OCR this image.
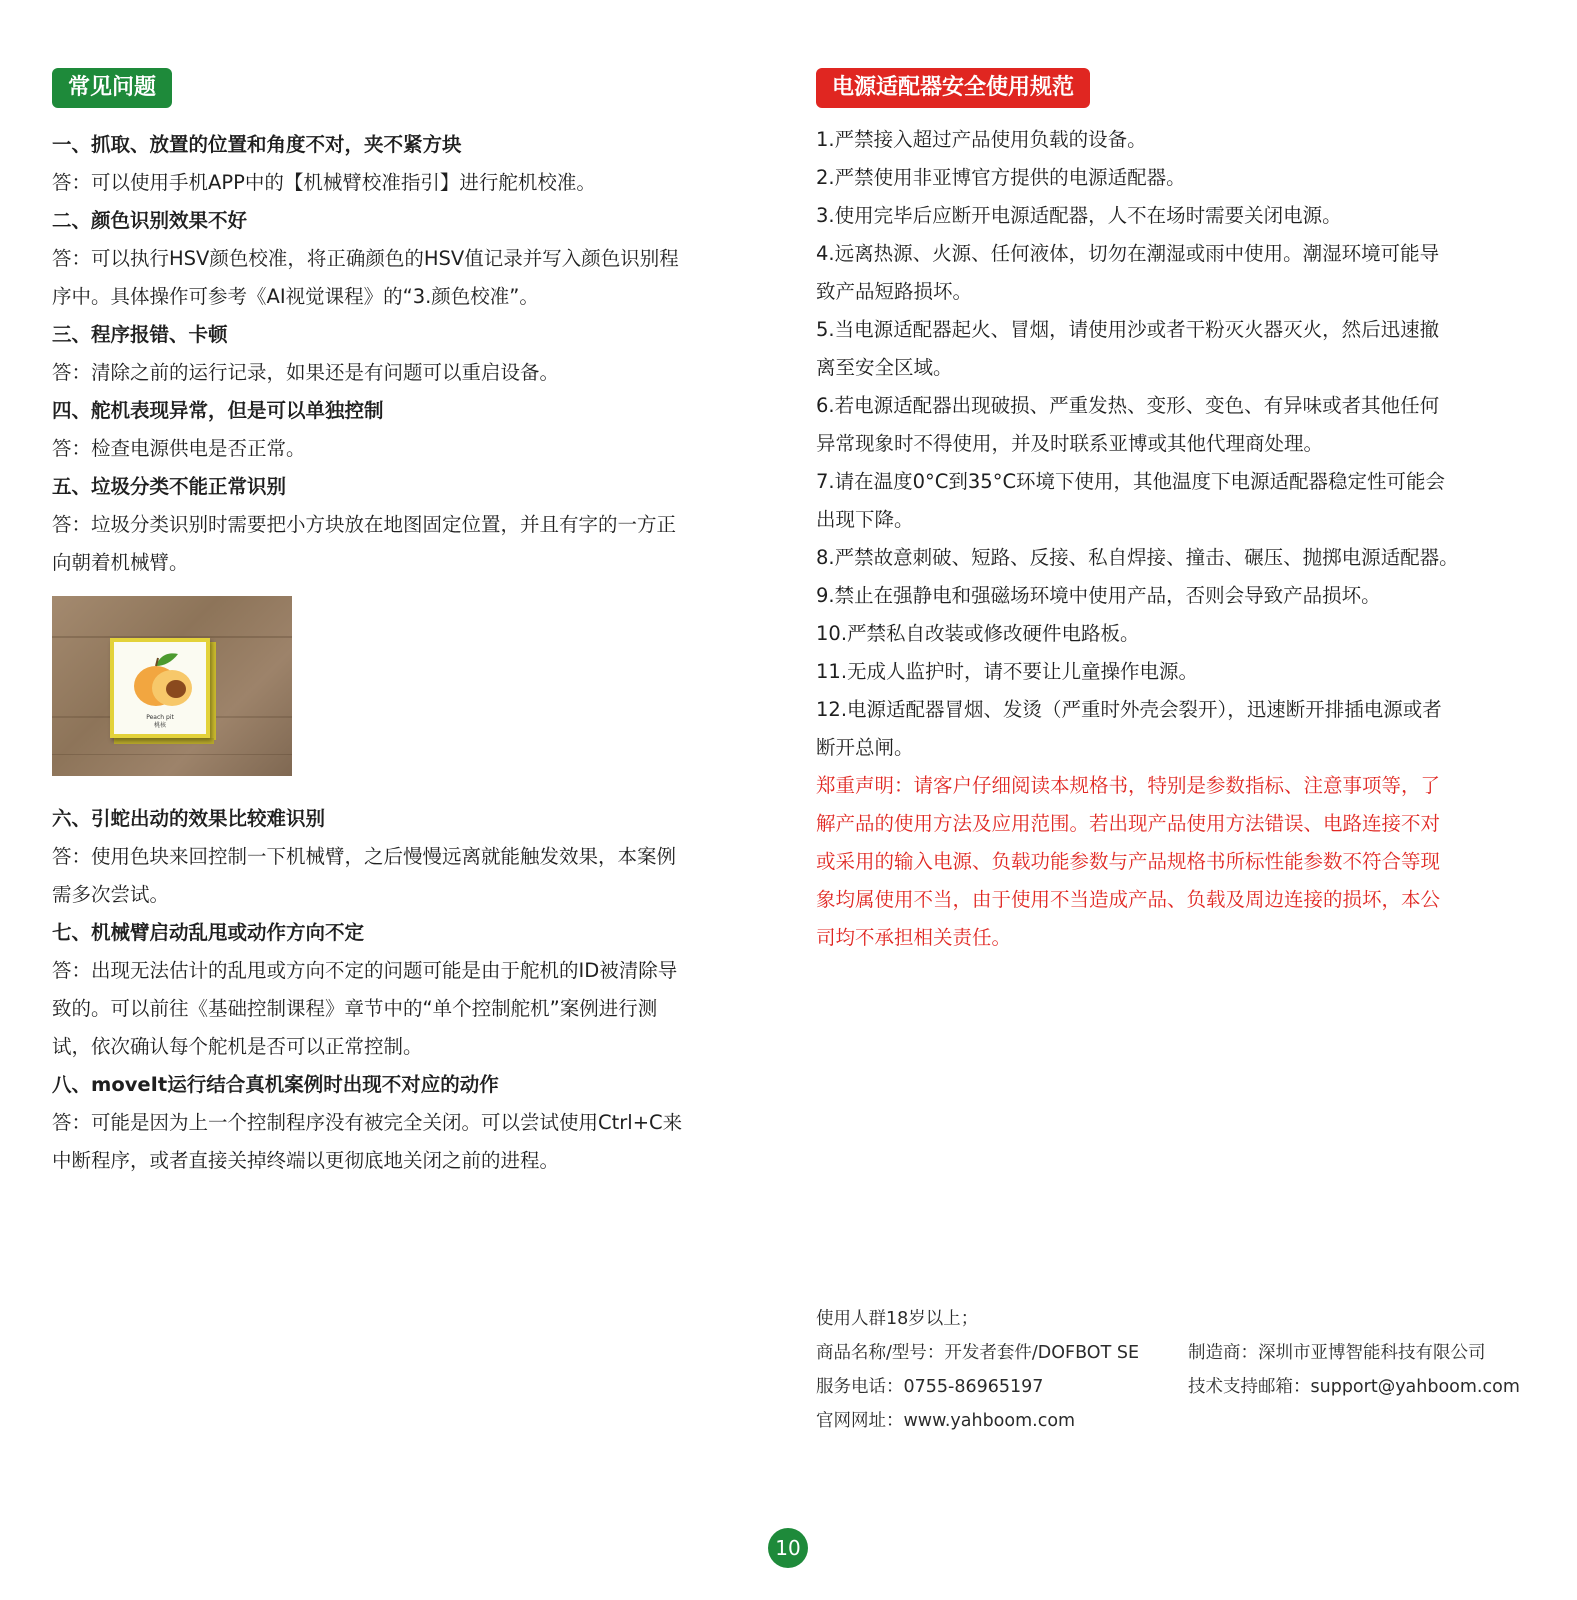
常见问题
一、抓取、放置的位置和角度不对，夹不紧方块
答：可以使用手机APP中的【机械臂校准指引】进行舵机校准。
二、颜色识别效果不好
答：可以执行HSV颜色校准，将正确颜色的HSV值记录并写入颜色识别程
序中。具体操作可参考《AI视觉课程》的“3.颜色校准”。
三、程序报错、卡顿
答：清除之前的运行记录，如果还是有问题可以重启设备。
四、舵机表现异常，但是可以单独控制
答：检查电源供电是否正常。
五、垃圾分类不能正常识别
答：垃圾分类识别时需要把小方块放在地图固定位置，并且有字的一方正
向朝着机械臂。
Peach pit
桃核
六、引蛇出动的效果比较难识别
答：使用色块来回控制一下机械臂，之后慢慢远离就能触发效果，本案例
需多次尝试。
七、机械臂启动乱甩或动作方向不定
答：出现无法估计的乱甩或方向不定的问题可能是由于舵机的ID被清除导
致的。可以前往《基础控制课程》章节中的“单个控制舵机”案例进行测
试，依次确认每个舵机是否可以正常控制。
八、moveIt运行结合真机案例时出现不对应的动作
答：可能是因为上一个控制程序没有被完全关闭。可以尝试使用Ctrl+C来
中断程序，或者直接关掉终端以更彻底地关闭之前的进程。
电源适配器安全使用规范
1.严禁接入超过产品使用负载的设备。
2.严禁使用非亚博官方提供的电源适配器。
3.使用完毕后应断开电源适配器，人不在场时需要关闭电源。
4.远离热源、火源、任何液体，切勿在潮湿或雨中使用。潮湿环境可能导
致产品短路损坏。
5.当电源适配器起火、冒烟，请使用沙或者干粉灭火器灭火，然后迅速撤
离至安全区域。
6.若电源适配器出现破损、严重发热、变形、变色、有异味或者其他任何
异常现象时不得使用，并及时联系亚博或其他代理商处理。
7.请在温度0°C到35°C环境下使用，其他温度下电源适配器稳定性可能会
出现下降。
8.严禁故意刺破、短路、反接、私自焊接、撞击、碾压、抛掷电源适配器。
9.禁止在强静电和强磁场环境中使用产品，否则会导致产品损坏。
10.严禁私自改装或修改硬件电路板。
11.无成人监护时，请不要让儿童操作电源。
12.电源适配器冒烟、发烫（严重时外壳会裂开），迅速断开排插电源或者
断开总闸。
郑重声明：请客户仔细阅读本规格书，特别是参数指标、注意事项等，了
解产品的使用方法及应用范围。若出现产品使用方法错误、电路连接不对
或采用的输入电源、负载功能参数与产品规格书所标性能参数不符合等现
象均属使用不当，由于使用不当造成产品、负载及周边连接的损坏，本公
司均不承担相关责任。
使用人群18岁以上；
商品名称/型号：开发者套件/DOFBOT SE	制造商：深圳市亚博智能科技有限公司
服务电话：0755-86965197	技术支持邮箱：support@yahboom.com
官网网址：www.yahboom.com
10
